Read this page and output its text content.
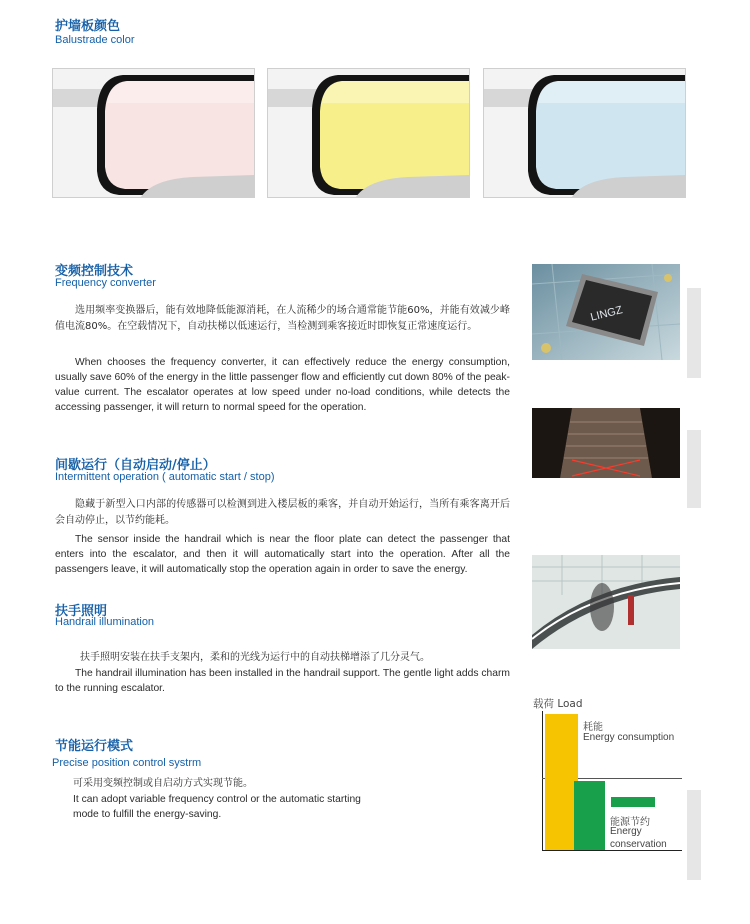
护墙板颜色
Balustrade color
变频控制技术
Frequency converter
选用频率变换器后，能有效地降低能源消耗，在人流稀少的场合通常能节能60%，并能有效减少峰值电流80%。在空载情况下，自动扶梯以低速运行，当检测到乘客接近时即恢复正常速度运行。
When chooses the frequency converter, it can effectively reduce the energy consumption, usually save 60% of the energy in the little passenger flow and efficiently cut down 80% of the peak-value current. The escalator operates at low speed under no-load conditions, while detects the accessing passenger, it will return to normal speed for the operation.
LINGZ
间歇运行（自动启动/停止）
Intermittent operation ( automatic start / stop)
隐藏于新型入口内部的传感器可以检测到进入楼层板的乘客，并自动开始运行，当所有乘客离开后会自动停止，以节约能耗。
The sensor inside the handrail which is near the floor plate can detect the passenger that enters into the escalator, and then it will automatically start into the operation. After all the passengers leave, it will automatically stop the operation again in order to save the energy.
扶手照明
Handrail illumination
扶手照明安装在扶手支架内，柔和的光线为运行中的自动扶梯增添了几分灵气。
The handrail illumination has been installed in the handrail support. The gentle light adds charm to the running escalator.
节能运行模式
Precise position control systrm
可采用变频控制或自启动方式实现节能。
It can adopt variable frequency control or the automatic starting
mode to fulfill the energy-saving.
载荷 Load
耗能
Energy consumption
能源节约
Energy
conservation
